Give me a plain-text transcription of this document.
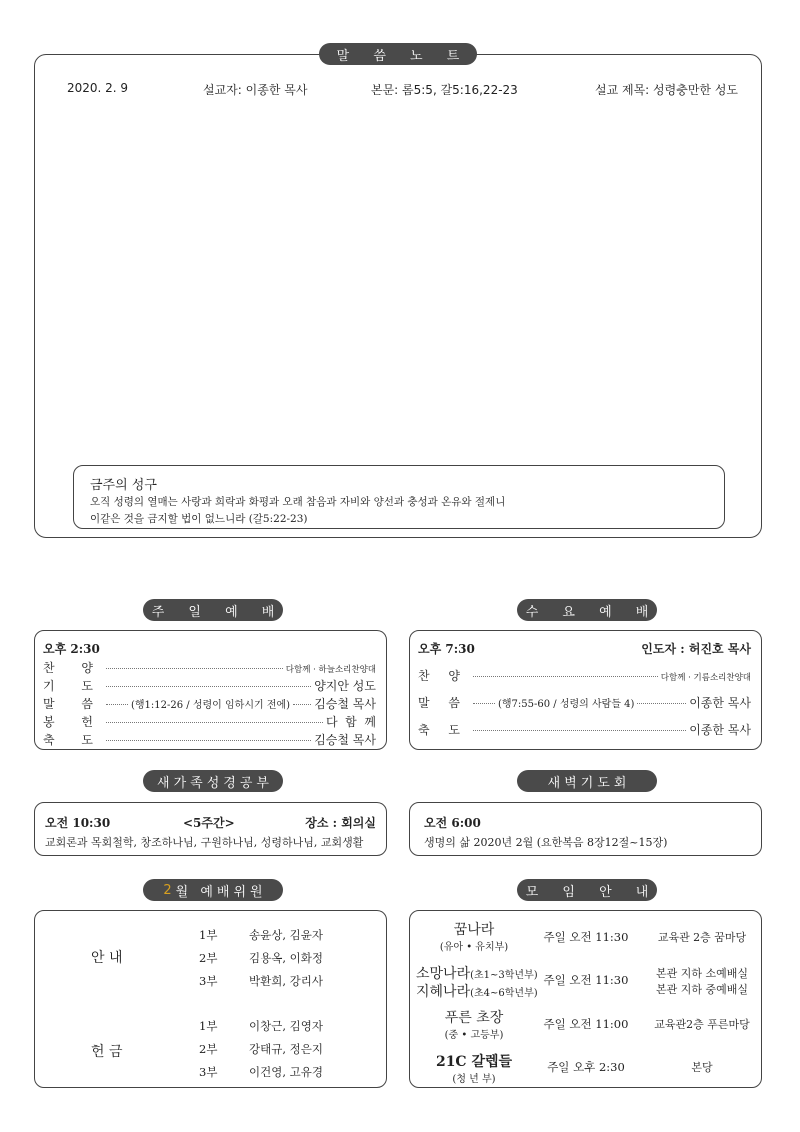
말 씀 노 트
2020. 2. 9	설교자: 이종한 목사	본문: 롬5:5, 갈5:16,22-23	설교 제목: 성령충만한 성도
금주의 성구
오직 성령의 열매는 사랑과 희락과 화평과 오래 참음과 자비와 양선과 충성과 온유와 절제니
이같은 것을 금지할 법이 없느니라 (갈5:22-23)
주 일 예 배
오후 2:30
찬 양	다함께 · 하늘소리찬양대
기 도	양지안 성도
말 씀	(행1:12-26 / 성령이 임하시기 전에) 김승철 목사
봉 헌	다  함  께
축 도	김승철 목사
수 요 예 배
오후 7:30	인도자 : 허진호 목사
찬 양	다함께 · 기름소리찬양대
말 씀	(행7:55-60 / 성령의 사람들 4)	이종한 목사
축 도	이종한 목사
새가족성경공부
오전 10:30	<5주간>	장소 : 회의실
교회론과 목회철학, 창조하나님, 구원하나님, 성령하나님, 교회생활
새벽기도회
오전 6:00
생명의 삶 2020년 2월 (요한복음 8장12절~15장)
2 월 예배위원
안 내
1부	송윤상, 김윤자
2부	김용옥, 이화정
3부	박환희, 강리사
헌 금
1부	이창근, 김영자
2부	강태규, 정은지
3부	이건영, 고유경
모 임 안 내
꿈나라
(유아 • 유치부)
주일 오전 11:30	교육관 2층 꿈마당
소망나라(초1~3학년부)
지혜나라(초4~6학년부)
주일 오전 11:30	본관 지하 소예배실
본관 지하 중예배실
푸른 초장
(중 • 고등부)
주일 오전 11:00	교육관2층 푸른마당
21C 갈렙들
(청 년 부)
주일 오후 2:30	본당
